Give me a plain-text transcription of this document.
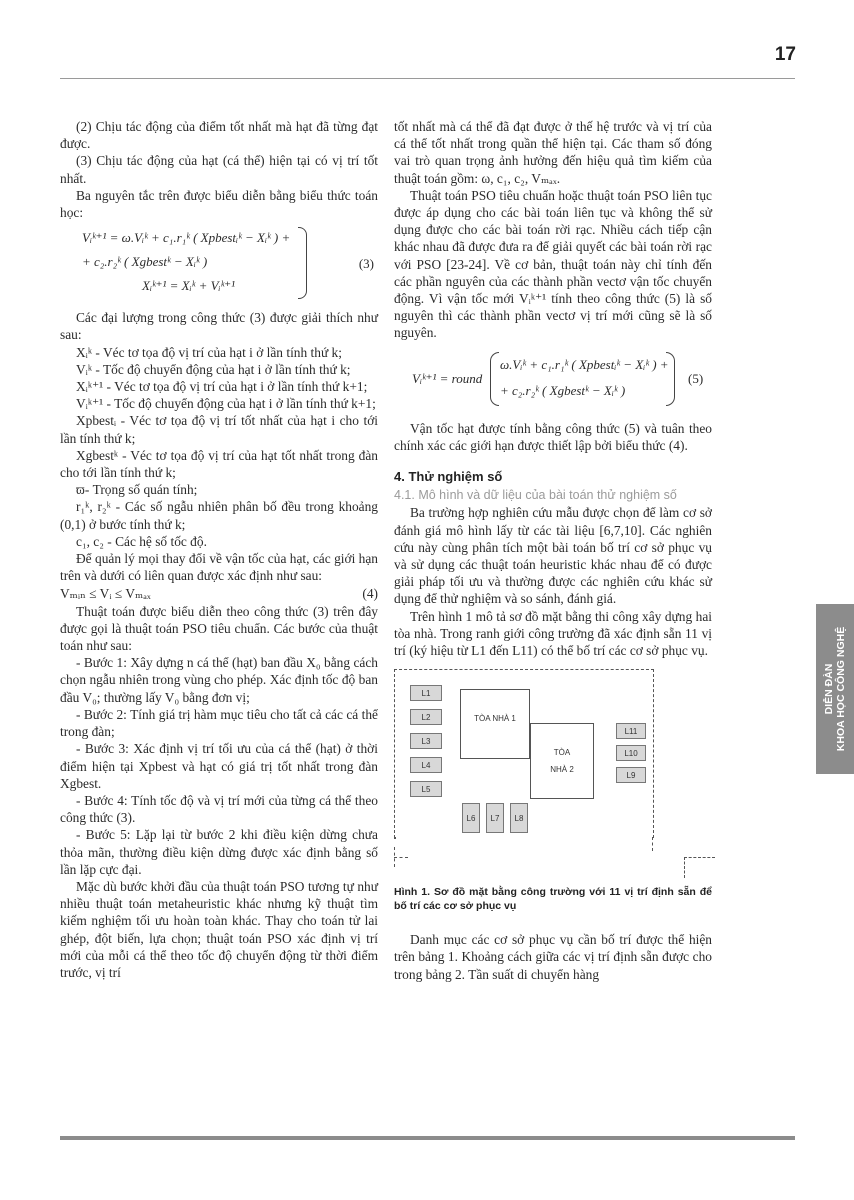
17

(2) Chịu tác động của điểm tốt nhất mà hạt đã từng đạt được.

(3) Chịu tác động của hạt (cá thể) hiện tại có vị trí tốt nhất.

Ba nguyên tắc trên được biểu diễn bằng biểu thức toán học:

Vᵢᵏ⁺¹ = ω.Vᵢᵏ + c₁.r₁ᵏ ( Xpbestᵢᵏ − Xᵢᵏ ) +
+ c₂.r₂ᵏ ( Xgbestᵏ − Xᵢᵏ )
Xᵢᵏ⁺¹ = Xᵢᵏ + Vᵢᵏ⁺¹
(3)

Các đại lượng trong công thức (3) được giải thích như sau:

Xᵢᵏ - Véc tơ tọa độ vị trí của hạt i ở lần tính thứ k;

Vᵢᵏ - Tốc độ chuyển động của hạt i ở lần tính thứ k;

Xᵢᵏ⁺¹ - Véc tơ tọa độ vị trí của hạt i ở lần tính thứ k+1;

Vᵢᵏ⁺¹ - Tốc độ chuyển động của hạt i ở lần tính thứ k+1;

Xpbestᵢ - Véc tơ tọa độ vị trí tốt nhất của hạt i cho tới lần tính thứ k;

Xgbestᵏ - Véc tơ tọa độ vị trí của hạt tốt nhất trong đàn cho tới lần tính thứ k;

ϖ- Trọng số quán tính;

r₁ᵏ, r₂ᵏ - Các số ngẫu nhiên phân bố đều trong khoảng (0,1) ở bước tính thứ k;

c₁, c₂ - Các hệ số tốc độ.

Để quản lý mọi thay đổi về vận tốc của hạt, các giới hạn trên và dưới có liên quan được xác định như sau:

Vₘᵢₙ ≤ Vᵢ ≤ Vₘₐₓ	(4)

Thuật toán được biểu diễn theo công thức (3) trên đây được gọi là thuật toán PSO tiêu chuẩn. Các bước của thuật toán như sau:

- Bước 1: Xây dựng n cá thể (hạt) ban đầu X₀ bằng cách chọn ngẫu nhiên trong vùng cho phép. Xác định tốc độ ban đầu V₀; thường lấy V₀ bằng đơn vị;

- Bước 2: Tính giá trị hàm mục tiêu cho tất cả các cá thể trong đàn;

- Bước 3: Xác định vị trí tối ưu của cá thể (hạt) ở thời điểm hiện tại Xpbest và hạt có giá trị tốt nhất trong đàn Xgbest.

- Bước 4: Tính tốc độ và vị trí mới của từng cá thể theo công thức (3).

- Bước 5: Lặp lại từ bước 2 khi điều kiện dừng chưa thỏa mãn, thường điều kiện dừng được xác định bằng số lần lặp cực đại.

Mặc dù bước khởi đầu của thuật toán PSO tương tự như nhiều thuật toán metaheuristic khác nhưng kỹ thuật tìm kiếm nghiệm tối ưu hoàn toàn khác. Thay cho toán tử lai ghép, đột biến, lựa chọn; thuật toán PSO xác định vị trí mới của mỗi cá thể theo tốc độ chuyển động từ thời điểm trước, vị trí

tốt nhất mà cá thể đã đạt được ở thế hệ trước và vị trí của cá thể tốt nhất trong quần thể hiện tại. Các tham số đóng vai trò quan trọng ảnh hưởng đến hiệu quả tìm kiếm của thuật toán gồm: ω, c₁, c₂, Vₘₐₓ.

Thuật toán PSO tiêu chuẩn hoặc thuật toán PSO liên tục được áp dụng cho các bài toán liên tục và không thể sử dụng được cho các bài toán rời rạc. Nhiều cách tiếp cận khác nhau đã được đưa ra để giải quyết các bài toán rời rạc với PSO [23-24]. Về cơ bản, thuật toán này chỉ tính đến các phần nguyên của các thành phần vectơ vận tốc chuyển động. Vì vận tốc mới Vᵢᵏ⁺¹ tính theo công thức (5) là số nguyên thì các thành phần vectơ vị trí mới cũng sẽ là số nguyên.

Vᵢᵏ⁺¹ = round
ω.Vᵢᵏ + c₁.r₁ᵏ ( Xpbestᵢᵏ − Xᵢᵏ ) +
+ c₂.r₂ᵏ ( Xgbestᵏ − Xᵢᵏ )
(5)

Vận tốc hạt được tính bằng công thức (5) và tuân theo chính xác các giới hạn được thiết lập bởi biểu thức (4).

4. Thử nghiệm số
4.1. Mô hình và dữ liệu của bài toán thử nghiệm số

Ba trường hợp nghiên cứu mẫu được chọn để làm cơ sở đánh giá mô hình lấy từ các tài liệu [6,7,10]. Các nghiên cứu này cùng phân tích một bài toán bố trí cơ sở phục vụ và sử dụng các thuật toán heuristic khác nhau để có được giải pháp tối ưu và thường được các nghiên cứu khác sử dụng để thử nghiệm và so sánh, đánh giá.

Trên hình 1 mô tả sơ đồ mặt bằng thi công xây dựng hai tòa nhà. Trong ranh giới công trường đã xác định sẵn 11 vị trí (ký hiệu từ L1 đến L11) có thể bố trí các cơ sở phục vụ.

L1
L2
L3
L4
L5
TÒA NHÀ 1
TÒA
NHÀ 2
L11
L10
L9
L6	L7	L8
Hình 1. Sơ đồ mặt bằng công trường với 11 vị trí định sẵn để bố trí các cơ sở phục vụ

Danh mục các cơ sở phục vụ cần bố trí được thể hiện trên bảng 1. Khoảng cách giữa các vị trí định sẵn được cho trong bảng 2. Tần suất di chuyển hàng

DIỄN ĐÀN
KHOA HỌC CÔNG NGHỆ
